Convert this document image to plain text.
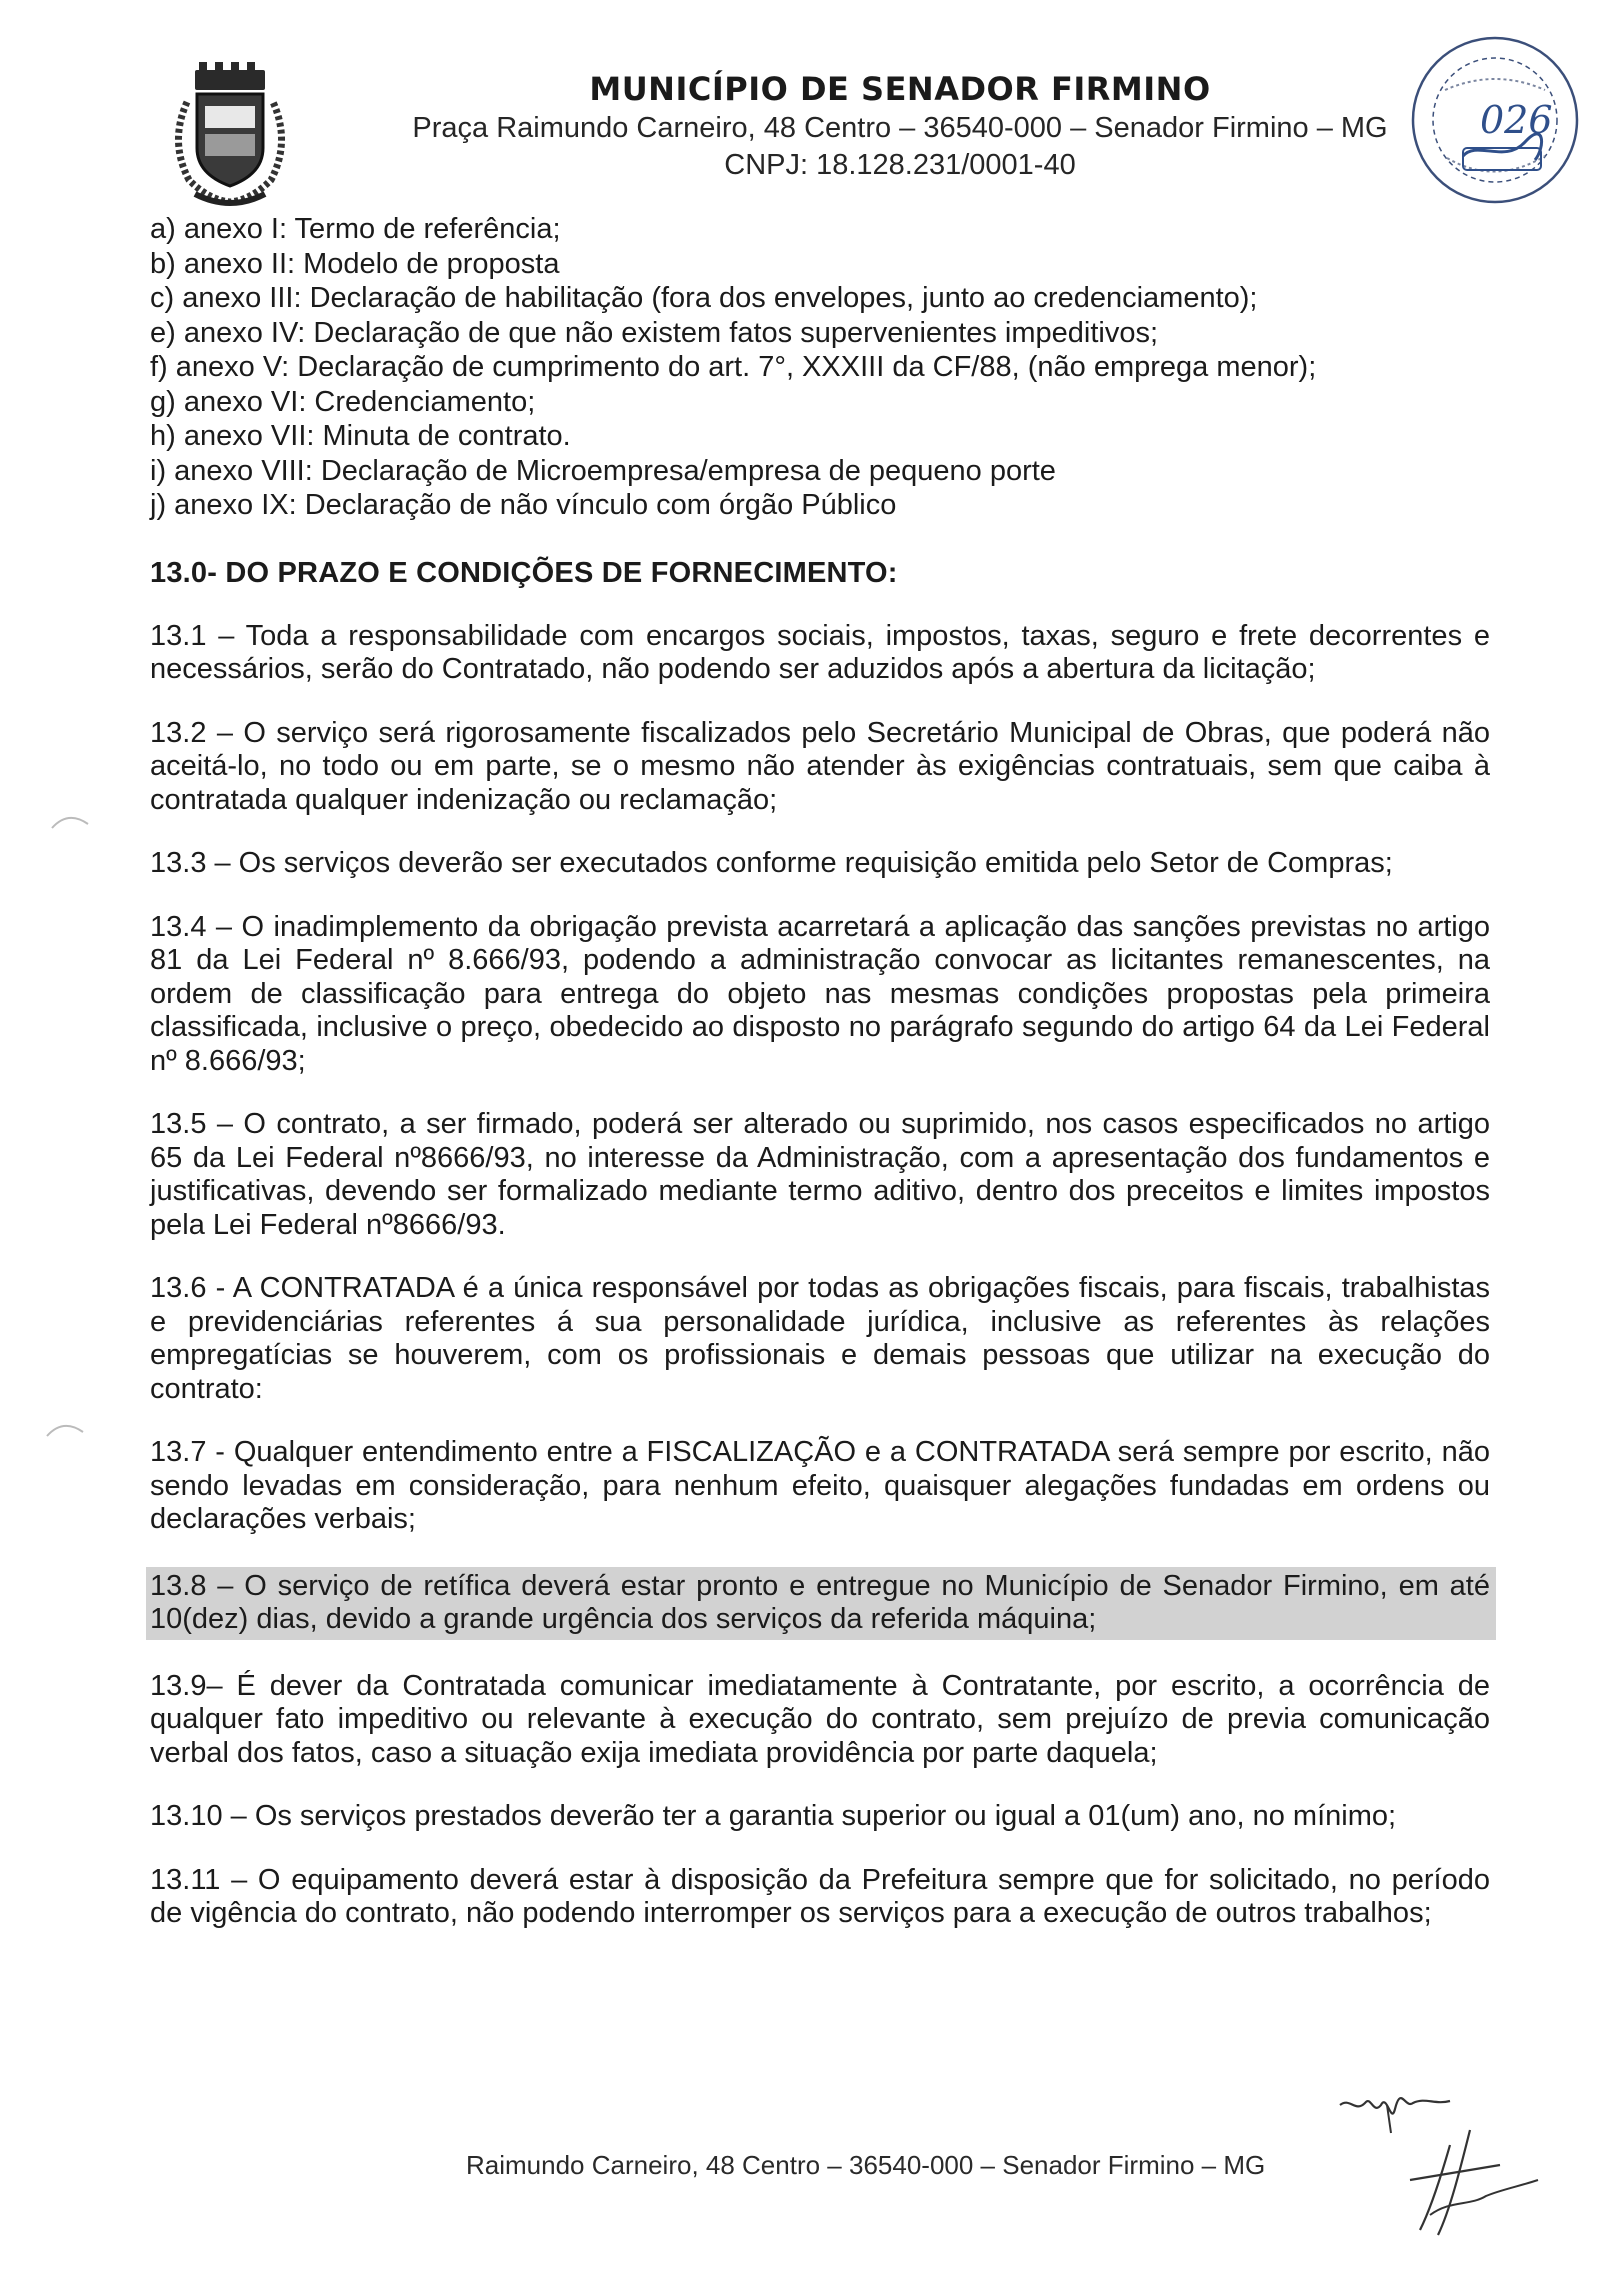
MUNICÍPIO DE SENADOR FIRMINO
Praça Raimundo Carneiro, 48 Centro – 36540-000 – Senador Firmino – MG
CNPJ: 18.128.231/0001-40
026
a) anexo I: Termo de referência;
b) anexo II: Modelo de proposta
c) anexo III: Declaração de habilitação (fora dos envelopes, junto ao credenciamento);
e) anexo IV: Declaração de que não existem fatos supervenientes impeditivos;
f) anexo V: Declaração de cumprimento do art. 7°, XXXIII da CF/88, (não emprega menor);
g) anexo VI: Credenciamento;
h) anexo VII: Minuta de contrato.
i) anexo VIII: Declaração de Microempresa/empresa de pequeno porte
j) anexo IX: Declaração de não vínculo com órgão Público
13.0- DO PRAZO E CONDIÇÕES DE FORNECIMENTO:
13.1 – Toda a responsabilidade com encargos sociais, impostos, taxas, seguro e frete decorrentes e necessários, serão do Contratado, não podendo ser aduzidos após a abertura da licitação;
13.2 – O serviço será rigorosamente fiscalizados pelo Secretário Municipal de Obras, que poderá não aceitá-lo, no todo ou em parte, se o mesmo não atender às exigências contratuais, sem que caiba à contratada qualquer indenização ou reclamação;
13.3 – Os serviços deverão ser executados conforme requisição emitida pelo Setor de Compras;
13.4 – O inadimplemento da obrigação prevista acarretará a aplicação das sanções previstas no artigo 81 da Lei Federal nº 8.666/93, podendo a administração convocar as licitantes remanescentes, na ordem de classificação para entrega do objeto nas mesmas condições propostas pela primeira classificada, inclusive o preço, obedecido ao disposto no parágrafo segundo do artigo 64 da Lei Federal nº 8.666/93;
13.5 – O contrato, a ser firmado, poderá ser alterado ou suprimido, nos casos especificados no artigo 65 da Lei Federal nº8666/93, no interesse da Administração, com a apresentação dos fundamentos e justificativas, devendo ser formalizado mediante termo aditivo, dentro dos preceitos e limites impostos pela Lei Federal nº8666/93.
13.6 - A CONTRATADA é a única responsável por todas as obrigações fiscais, para fiscais, trabalhistas e previdenciárias referentes á sua personalidade jurídica, inclusive as referentes às relações empregatícias se houverem, com os profissionais e demais pessoas que utilizar na execução do contrato:
13.7 - Qualquer entendimento entre a FISCALIZAÇÃO e a CONTRATADA será sempre por escrito, não sendo levadas em consideração, para nenhum efeito, quaisquer alegações fundadas em ordens ou declarações verbais;
13.8 – O serviço de retífica deverá estar pronto e entregue no Município de Senador Firmino, em até 10(dez) dias, devido a grande urgência dos serviços da referida máquina;
13.9– É dever da Contratada comunicar imediatamente à Contratante, por escrito, a ocorrência de qualquer fato impeditivo ou relevante à execução do contrato, sem prejuízo de previa comunicação verbal dos fatos, caso a situação exija imediata providência por parte daquela;
13.10 – Os serviços prestados deverão ter a garantia superior ou igual a 01(um) ano, no mínimo;
13.11 – O equipamento deverá estar à disposição da Prefeitura sempre que for solicitado, no período de vigência do contrato, não podendo interromper os serviços para a execução de outros trabalhos;
Raimundo Carneiro, 48 Centro – 36540-000 – Senador Firmino – MG
